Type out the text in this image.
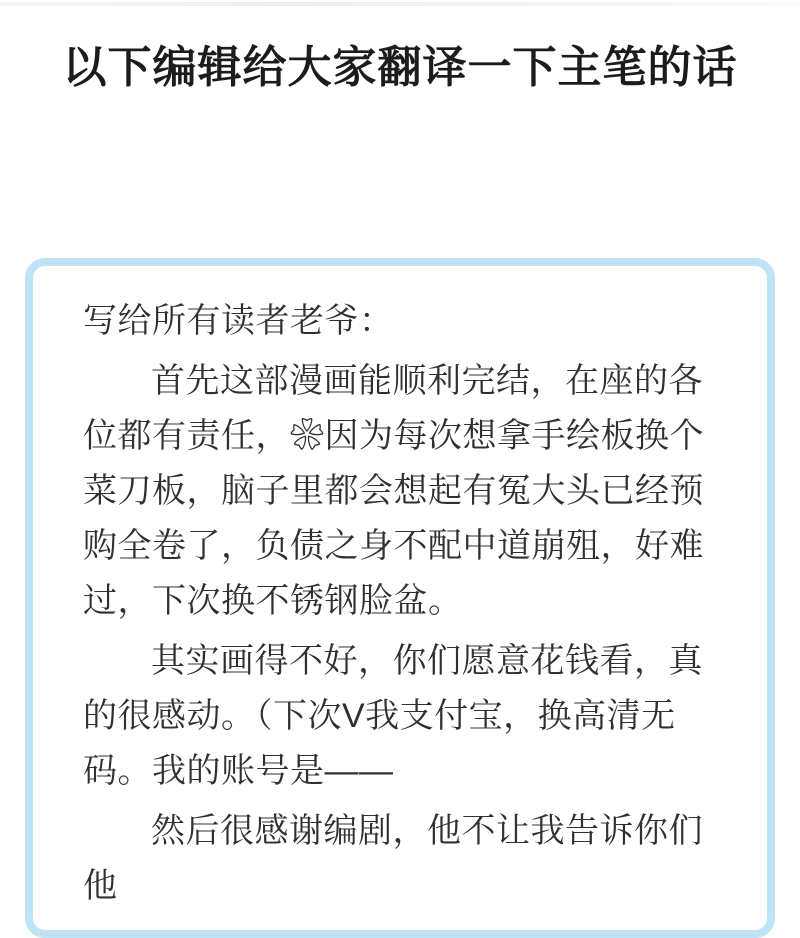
以下编辑给大家翻译一下主笔的话

写给所有读者老爷：

首先这部漫画能顺利完结，在座的各位都有责任，❀因为每次想拿手绘板换个菜刀板，脑子里都会想起有冤大头已经预购全卷了，负债之身不配中道崩殂，好难过，下次换不锈钢脸盆。

其实画得不好，你们愿意花钱看，真的很感动。（下次V我支付宝，换高清无码。我的账号是——

然后很感谢编剧，他不让我告诉你们他
